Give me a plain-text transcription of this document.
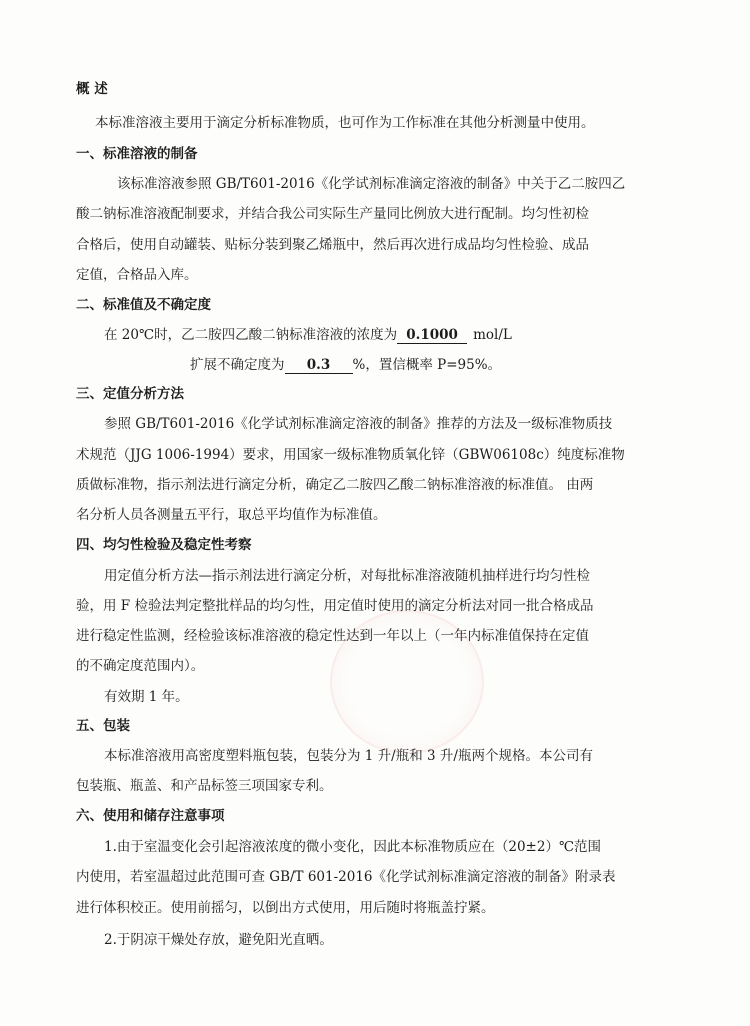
概 述
本标准溶液主要用于滴定分析标准物质，也可作为工作标准在其他分析测量中使用。
一、标准溶液的制备
该标准溶液参照 GB/T601-2016《化学试剂标准滴定溶液的制备》中关于乙二胺四乙
酸二钠标准溶液配制要求，并结合我公司实际生产量同比例放大进行配制。均匀性初检
合格后，使用自动罐装、贴标分装到聚乙烯瓶中，然后再次进行成品均匀性检验、成品
定值，合格品入库。
二、标准值及不确定度
在 20℃时，乙二胺四乙酸二钠标准溶液的浓度为 0.1000 mol/L
扩展不确定度为 0.3 %，置信概率 P=95%。
三、定值分析方法
参照 GB/T601-2016《化学试剂标准滴定溶液的制备》推荐的方法及一级标准物质技
术规范（JJG 1006-1994）要求，用国家一级标准物质氧化锌（GBW06108c）纯度标准物
质做标准物，指示剂法进行滴定分析，确定乙二胺四乙酸二钠标准溶液的标准值。 由两
名分析人员各测量五平行，取总平均值作为标准值。
四、均匀性检验及稳定性考察
用定值分析方法—指示剂法进行滴定分析，对每批标准溶液随机抽样进行均匀性检
验，用 F 检验法判定整批样品的均匀性，用定值时使用的滴定分析法对同一批合格成品
进行稳定性监测，经检验该标准溶液的稳定性达到一年以上（一年内标准值保持在定值
的不确定度范围内）。
有效期 1 年。
五、包装
本标准溶液用高密度塑料瓶包装，包装分为 1 升/瓶和 3 升/瓶两个规格。本公司有
包装瓶、瓶盖、和产品标签三项国家专利。
六、使用和储存注意事项
1.由于室温变化会引起溶液浓度的微小变化，因此本标准物质应在（20±2）℃范围
内使用，若室温超过此范围可查 GB/T 601-2016《化学试剂标准滴定溶液的制备》附录表
进行体积校正。使用前摇匀，以倒出方式使用，用后随时将瓶盖拧紧。
2.于阴凉干燥处存放，避免阳光直晒。
